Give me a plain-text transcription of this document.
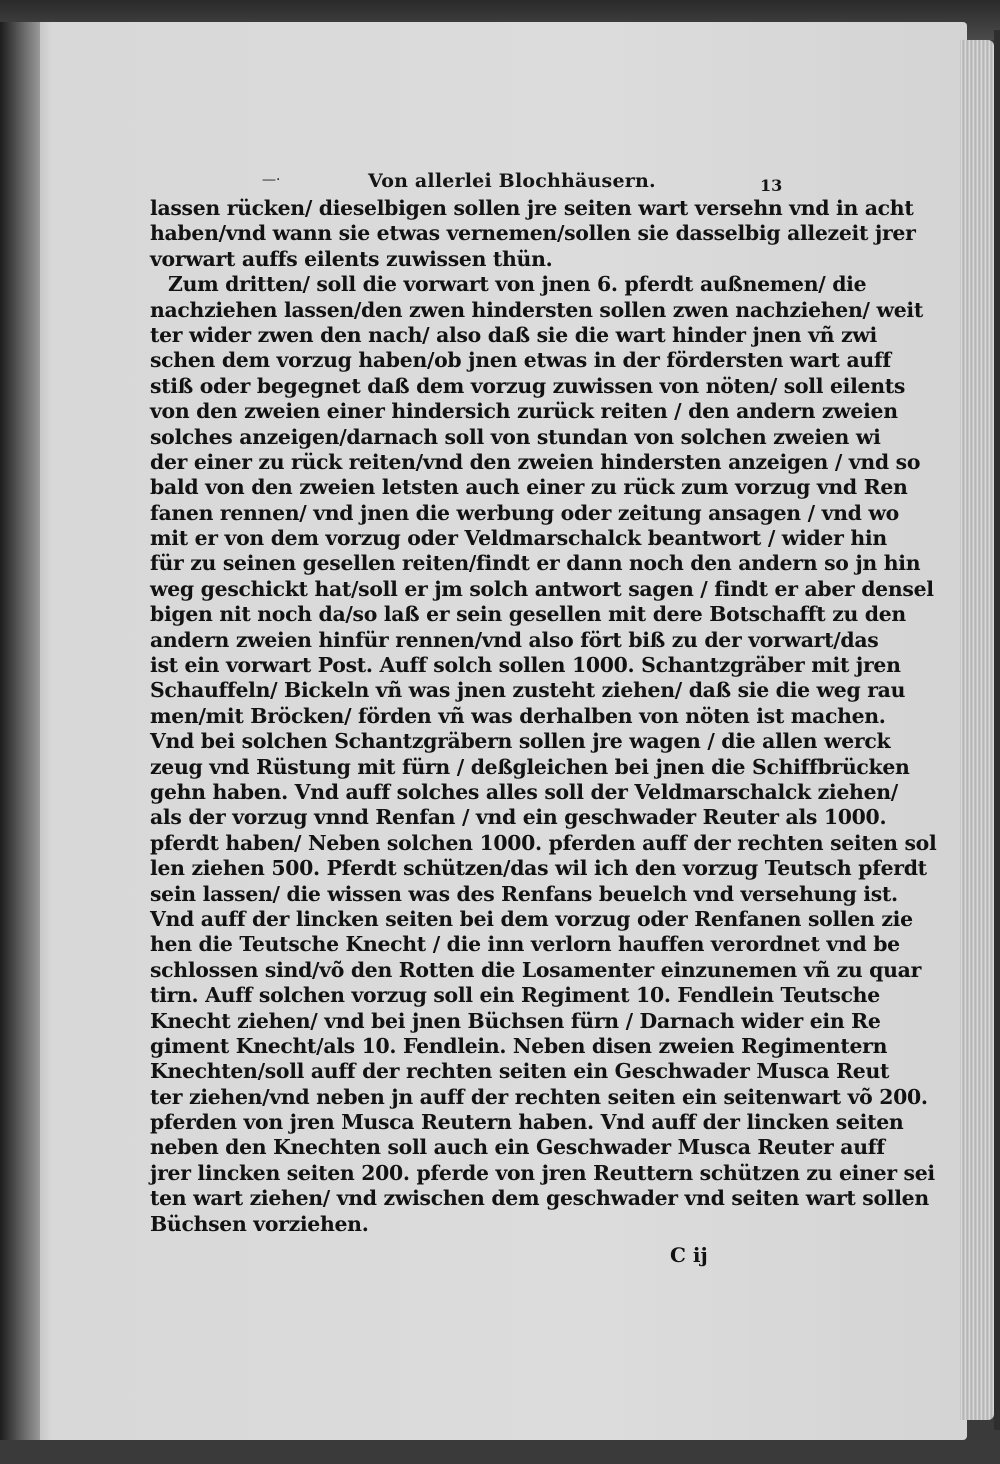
—·	Von allerlei Blochhäusern.	13
lassen rücken/ dieselbigen sollen jre seiten wart versehn vnd in acht
haben/vnd wann sie etwas vernemen/sollen sie dasselbig allezeit jrer
vorwart auffs eilents zuwissen thün.
Zum dritten/ soll die vorwart von jnen 6. pferdt außnemen/ die
nachziehen lassen/den zwen hindersten sollen zwen nachziehen/ weit
ter wider zwen den nach/ also daß sie die wart hinder jnen vñ zwi
schen dem vorzug haben/ob jnen etwas in der fördersten wart auff
stiß oder begegnet daß dem vorzug zuwissen von nöten/ soll eilents
von den zweien einer hindersich zurück reiten / den andern zweien
solches anzeigen/darnach soll von stundan von solchen zweien wi
der einer zu rück reiten/vnd den zweien hindersten anzeigen / vnd so
bald von den zweien letsten auch einer zu rück zum vorzug vnd Ren
fanen rennen/ vnd jnen die werbung oder zeitung ansagen / vnd wo
mit er von dem vorzug oder Veldmarschalck beantwort / wider hin
für zu seinen gesellen reiten/findt er dann noch den andern so jn hin
weg geschickt hat/soll er jm solch antwort sagen / findt er aber densel
bigen nit noch da/so laß er sein gesellen mit dere Botschafft zu den
andern zweien hinfür rennen/vnd also fört biß zu der vorwart/das
ist ein vorwart Post. Auff solch sollen 1000. Schantzgräber mit jren
Schauffeln/ Bickeln vñ was jnen zusteht ziehen/ daß sie die weg rau
men/mit Bröcken/ förden vñ was derhalben von nöten ist machen.
Vnd bei solchen Schantzgräbern sollen jre wagen / die allen werck
zeug vnd Rüstung mit fürn / deßgleichen bei jnen die Schiffbrücken
gehn haben. Vnd auff solches alles soll der Veldmarschalck ziehen/
als der vorzug vnnd Renfan / vnd ein geschwader Reuter als 1000.
pferdt haben/ Neben solchen 1000. pferden auff der rechten seiten sol
len ziehen 500. Pferdt schützen/das wil ich den vorzug Teutsch pferdt
sein lassen/ die wissen was des Renfans beuelch vnd versehung ist.
Vnd auff der lincken seiten bei dem vorzug oder Renfanen sollen zie
hen die Teutsche Knecht / die inn verlorn hauffen verordnet vnd be
schlossen sind/võ den Rotten die Losamenter einzunemen vñ zu quar
tirn. Auff solchen vorzug soll ein Regiment 10. Fendlein Teutsche
Knecht ziehen/ vnd bei jnen Büchsen fürn / Darnach wider ein Re
giment Knecht/als 10. Fendlein. Neben disen zweien Regimentern
Knechten/soll auff der rechten seiten ein Geschwader Musca Reut
ter ziehen/vnd neben jn auff der rechten seiten ein seitenwart võ 200.
pferden von jren Musca Reutern haben. Vnd auff der lincken seiten
neben den Knechten soll auch ein Geschwader Musca Reuter auff
jrer lincken seiten 200. pferde von jren Reuttern schützen zu einer sei
ten wart ziehen/ vnd zwischen dem geschwader vnd seiten wart sollen
Büchsen vorziehen.
C ij
